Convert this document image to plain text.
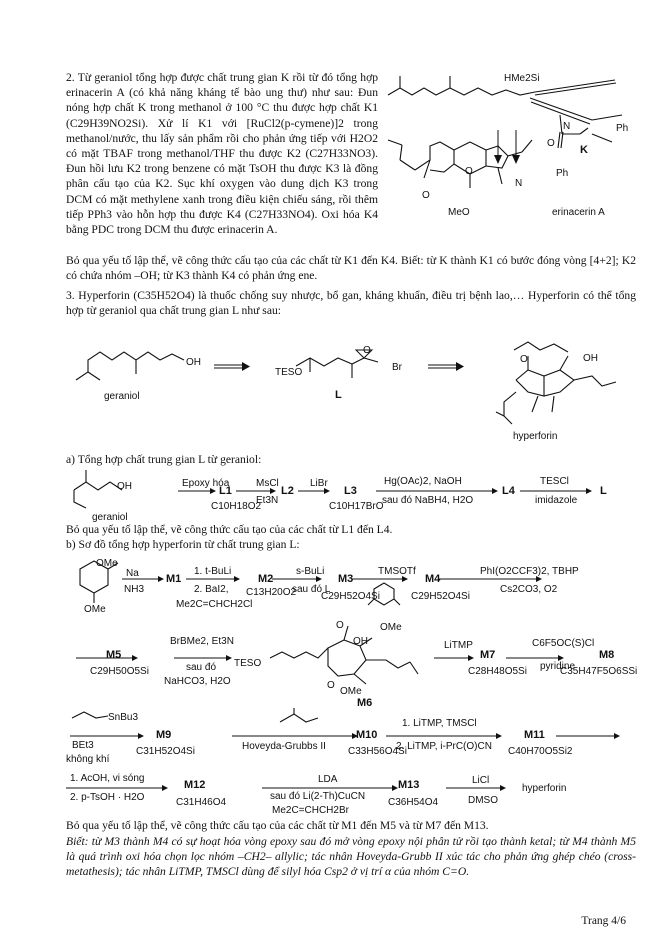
2. Từ geraniol tổng hợp được chất trung gian K rồi từ đó tổng hợp erinacerin A (có khả năng kháng tế bào ung thư) như sau: Đun nóng hợp chất K trong methanol ở 100 °C thu được hợp chất K1 (C29H39NO2Si). Xử lí K1 với [RuCl2(p-cymene)]2 trong methanol/nước, thu lấy sản phẩm rồi cho phản ứng tiếp với H2O2 có mặt TBAF trong methanol/THF thu được K2 (C27H33NO3). Đun hồi lưu K2 trong benzene có mặt TsOH thu được K3 là đồng phân cấu tạo của K2. Sục khí oxygen vào dung dịch K3 trong DCM có mặt methylene xanh trong điều kiện chiếu sáng, rồi thêm tiếp PPh3 vào hỗn hợp thu được K4 (C27H33NO4). Oxi hóa K4 bằng PDC trong DCM thu được erinacerin A.

HMe2Si
N	Ph
O
K
O
N
Ph
O
MeO	erinacerin A

Bỏ qua yếu tố lập thể, vẽ công thức cấu tạo của các chất từ K1 đến K4. Biết: từ K thành K1 có bước đóng vòng [4+2]; K2 có chứa nhóm –OH; từ K3 thành K4 có phản ứng ene.

3. Hyperforin (C35H52O4) là thuốc chống suy nhược, bổ gan, kháng khuẩn, điều trị bệnh lao,… Hyperforin có thể tổng hợp từ geraniol qua chất trung gian L như sau:

OH
geraniol
TESO
O
Br
L
O	OH
hyperforin

a) Tổng hợp chất trung gian L từ geraniol:

OH
geraniol
Epoxy hóa
L1
C10H18O2
MsCl
Et3N
L2
LiBr
L3
C10H17BrO
Hg(OAc)2, NaOH
sau đó NaBH4, H2O
L4
TESCl
imidazole
L

Bỏ qua yếu tố lập thể, vẽ công thức cấu tạo của các chất từ L1 đến L4.

b) Sơ đồ tổng hợp hyperforin từ chất trung gian L:

OMe
OMe
Na
NH3
M1
1. t-BuLi
2. BaI2,
Me2C=CHCH2Cl
M2
C13H20O2
s-BuLi
sau đó L
M3
C29H52O4Si
TMSOTf
M4
C29H52O4Si
PhI(O2CCF3)2, TBHP
Cs2CO3, O2
M5
C29H50O5Si
BrBMe2, Et3N
sau đó
NaHCO3, H2O
TESO
O	OMe
OH
O
OMe
M6
LiTMP
M7
C28H48O5Si
C6F5OC(S)Cl
pyridine
M8
C35H47F5O6SSi
SnBu3
BEt3
không khí
M9
C31H52O4Si	Hoveyda-Grubbs II
M10
C33H56O4Si
1. LiTMP, TMSCl
2. LiTMP, i-PrC(O)CN
M11
C40H70O5Si2
1. AcOH, vi sóng
2. p-TsOH · H2O
M12
C31H46O4
LDA
sau đó Li(2-Th)CuCN
Me2C=CHCH2Br
M13
C36H54O4
LiCl
DMSO
hyperforin

Bỏ qua yếu tố lập thể, vẽ công thức cấu tạo của các chất từ M1 đến M5 và từ M7 đến M13.

Biết: từ M3 thành M4 có sự hoạt hóa vòng epoxy sau đó mở vòng epoxy nội phân tử rồi tạo thành ketal; từ M4 thành M5 là quá trình oxi hóa chọn lọc nhóm –CH2– allylic; tác nhân Hoveyda-Grubb II xúc tác cho phản ứng ghép chéo (cross-metathesis); tác nhân LiTMP, TMSCl dùng để silyl hóa Csp2 ở vị trí α của nhóm C=O.

Trang 4/6
